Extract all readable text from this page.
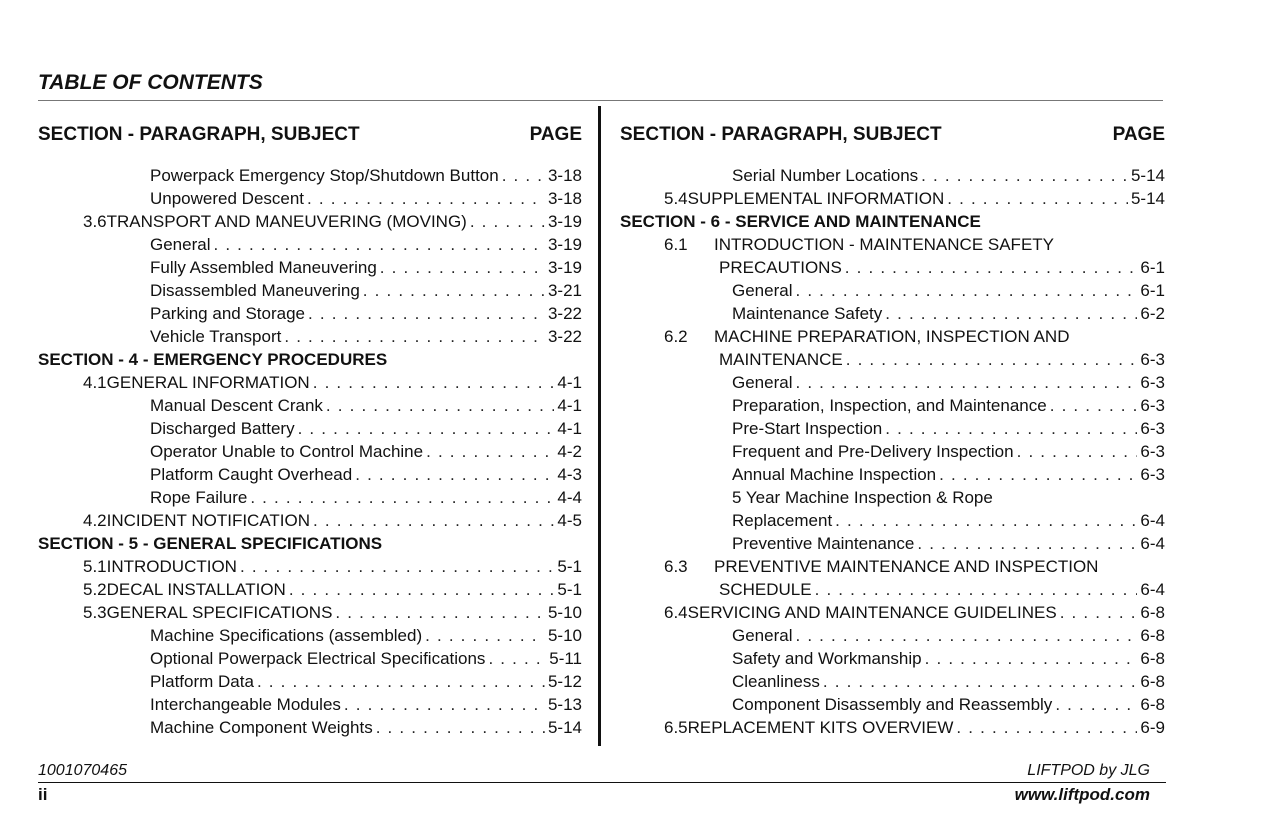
TABLE OF CONTENTS
SECTION - PARAGRAPH, SUBJECT	PAGE
Powerpack Emergency Stop/Shutdown Button . . .	3-18
Unpowered Descent . . .	3-18
3.6 TRANSPORT AND MANEUVERING (MOVING) . . .	3-19
General . . .	3-19
Fully Assembled Maneuvering . . .	3-19
Disassembled Maneuvering . . .	3-21
Parking and Storage . . .	3-22
Vehicle Transport . . .	3-22
SECTION - 4 - EMERGENCY PROCEDURES
4.1 GENERAL INFORMATION . . .	4-1
Manual Descent Crank . . .	4-1
Discharged Battery . . .	4-1
Operator Unable to Control Machine . . .	4-2
Platform Caught Overhead . . .	4-3
Rope Failure . . .	4-4
4.2 INCIDENT NOTIFICATION . . .	4-5
SECTION - 5 - GENERAL SPECIFICATIONS
5.1 INTRODUCTION . . .	5-1
5.2 DECAL INSTALLATION . . .	5-1
5.3 GENERAL SPECIFICATIONS . . .	5-10
Machine Specifications (assembled) . . .	5-10
Optional Powerpack Electrical Specifications . . .	5-11
Platform Data . . .	5-12
Interchangeable Modules . . .	5-13
Machine Component Weights . . .	5-14
SECTION - PARAGRAPH, SUBJECT	PAGE
Serial Number Locations . . .	5-14
5.4 SUPPLEMENTAL INFORMATION . . .	5-14
SECTION - 6 - SERVICE AND MAINTENANCE
6.1	INTRODUCTION - MAINTENANCE SAFETY
PRECAUTIONS . . .	6-1
General . . .	6-1
Maintenance Safety . . .	6-2
6.2	MACHINE PREPARATION, INSPECTION AND
MAINTENANCE . . .	6-3
General . . .	6-3
Preparation, Inspection, and Maintenance . . .	6-3
Pre-Start Inspection . . .	6-3
Frequent and Pre-Delivery Inspection . . .	6-3
Annual Machine Inspection . . .	6-3
5 Year Machine Inspection & Rope
Replacement . . .	6-4
Preventive Maintenance . . .	6-4
6.3	PREVENTIVE MAINTENANCE AND INSPECTION
SCHEDULE . . .	6-4
6.4 SERVICING AND MAINTENANCE GUIDELINES . . .	6-8
General . . .	6-8
Safety and Workmanship . . .	6-8
Cleanliness . . .	6-8
Component Disassembly and Reassembly . . .	6-8
6.5 REPLACEMENT KITS OVERVIEW . . .	6-9
1001070465	LIFTPOD by JLG
ii	www.liftpod.com
